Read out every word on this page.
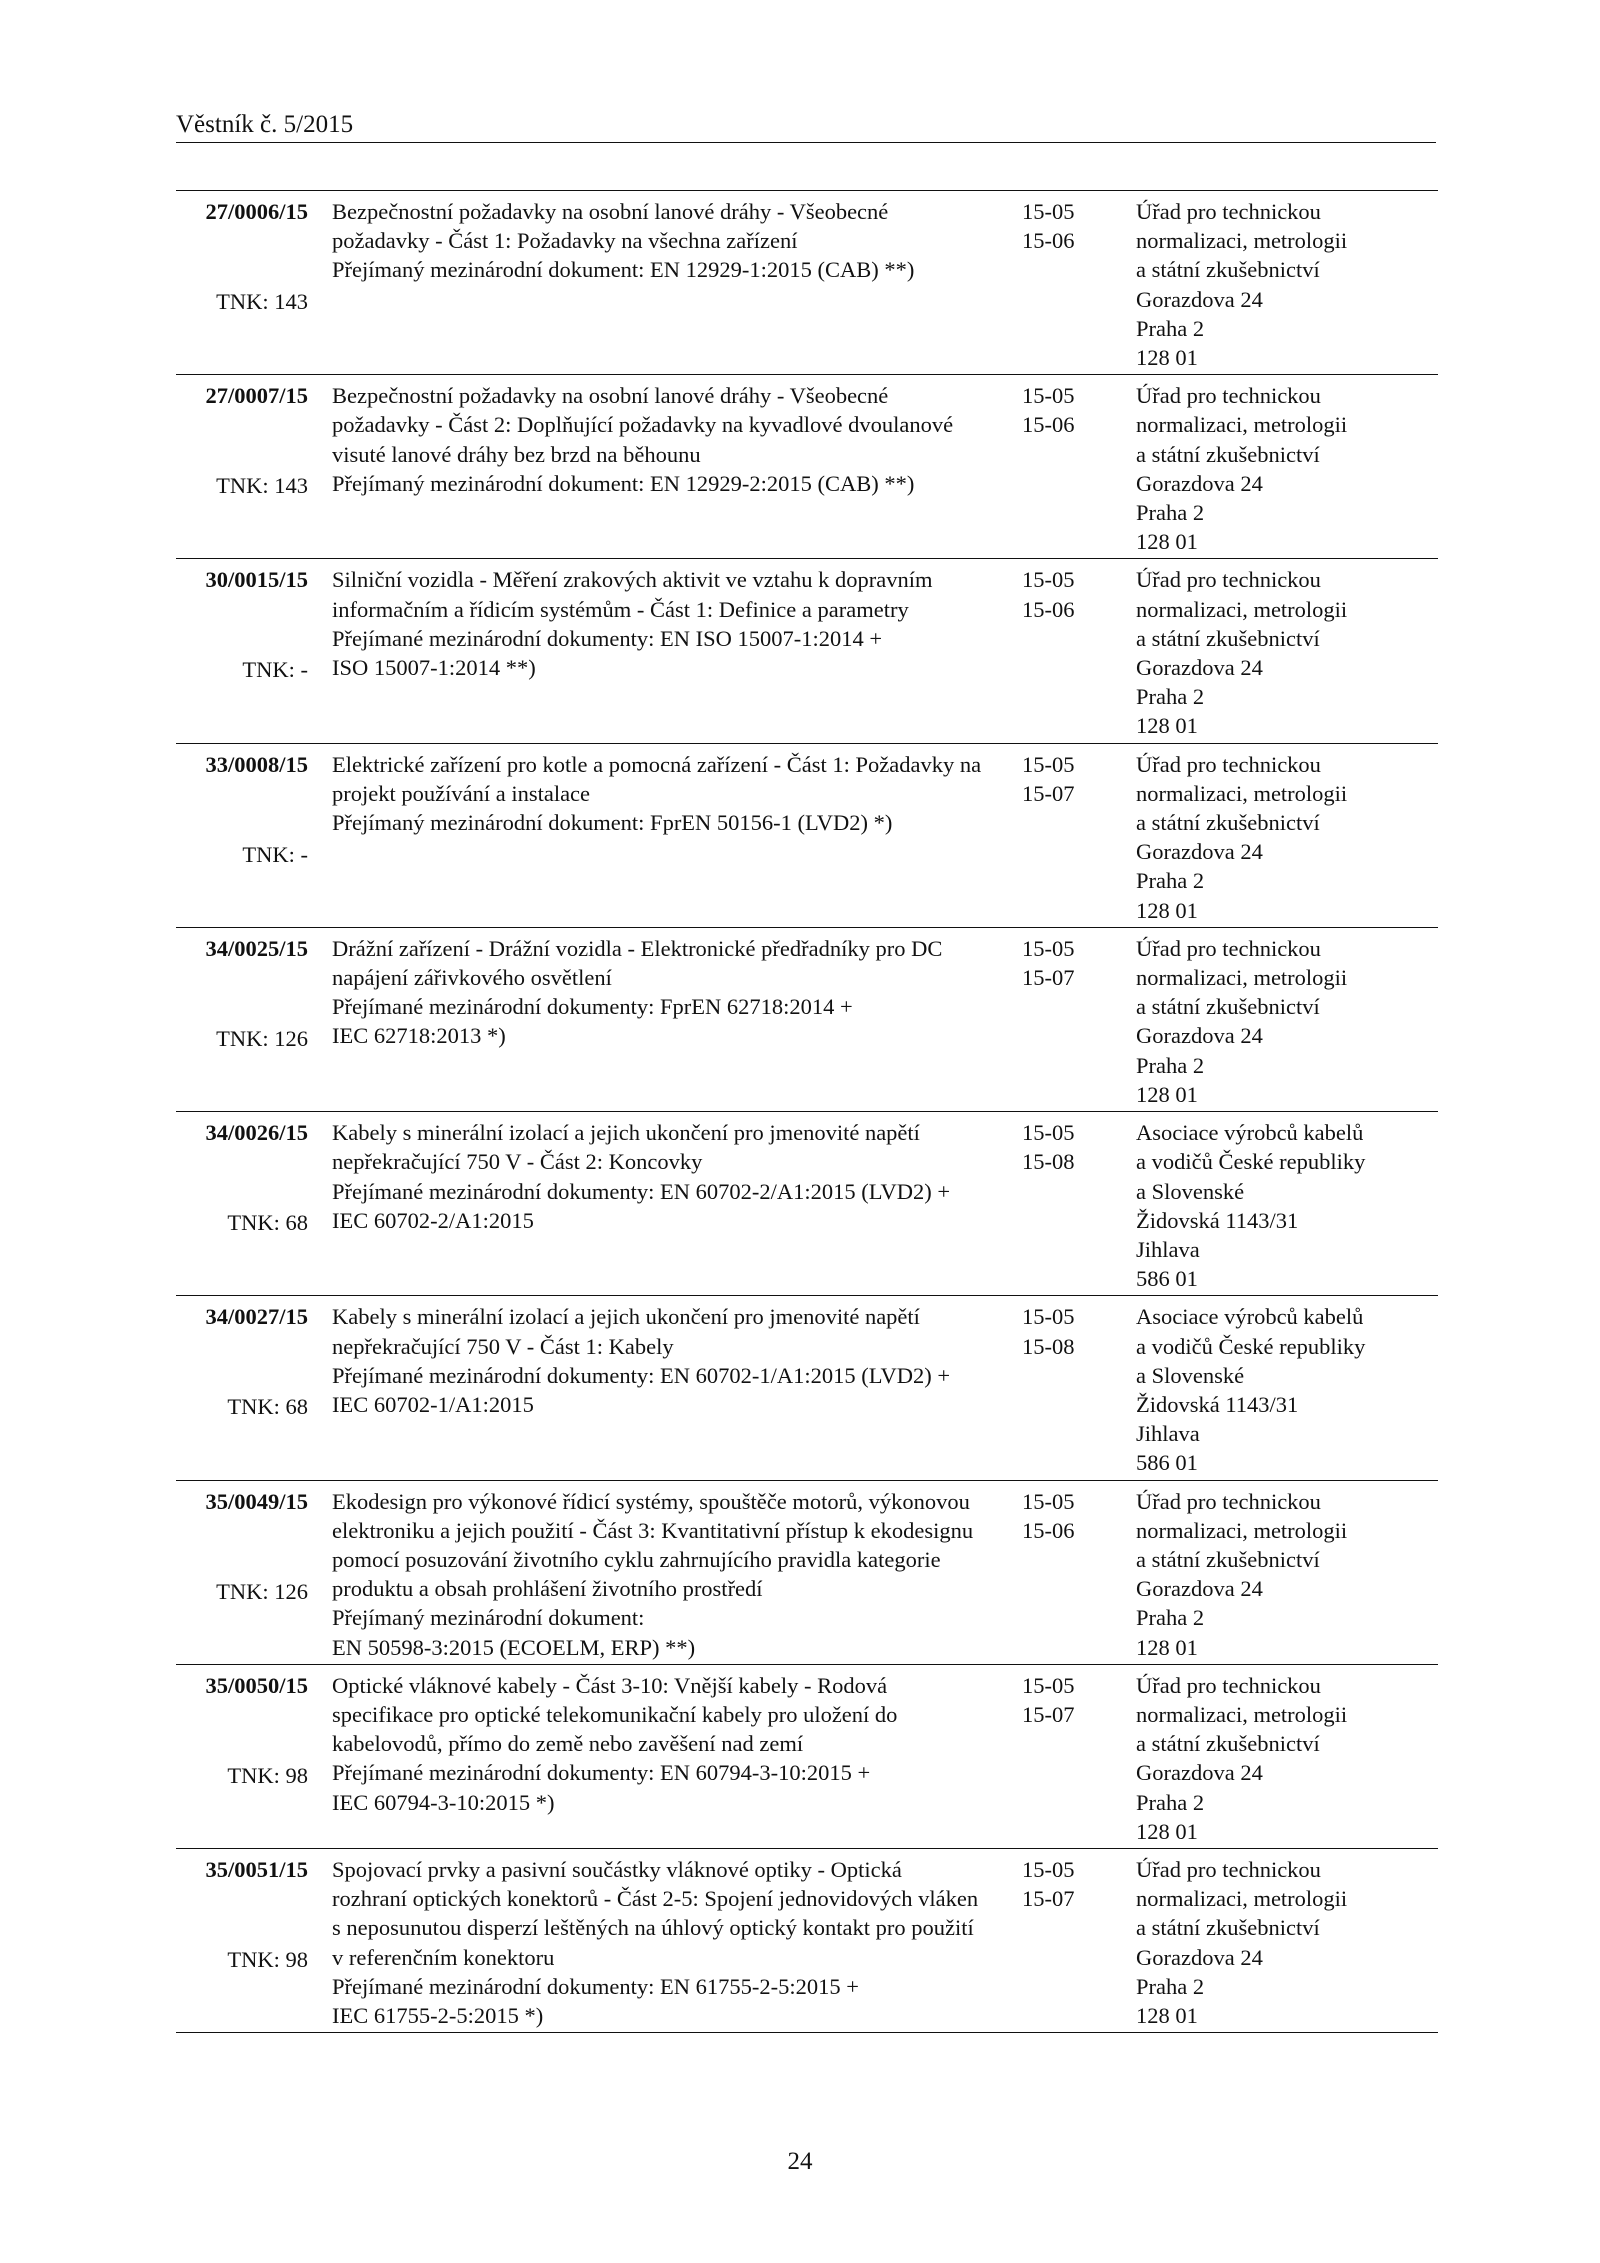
Věstník č. 5/2015
27/0006/15
TNK: 143
Bezpečnostní požadavky na osobní lanové dráhy - Všeobecné
požadavky - Část 1: Požadavky na všechna zařízení
Přejímaný mezinárodní dokument: EN 12929-1:2015 (CAB) **)
15-05
15-06
Úřad pro technickou
normalizaci, metrologii
a státní zkušebnictví
Gorazdova 24
Praha 2
128 01
27/0007/15
TNK: 143
Bezpečnostní požadavky na osobní lanové dráhy - Všeobecné
požadavky - Část 2: Doplňující požadavky na kyvadlové dvoulanové
visuté lanové dráhy bez brzd na běhounu
Přejímaný mezinárodní dokument: EN 12929-2:2015 (CAB) **)
15-05
15-06
Úřad pro technickou
normalizaci, metrologii
a státní zkušebnictví
Gorazdova 24
Praha 2
128 01
30/0015/15
TNK: -
Silniční vozidla - Měření zrakových aktivit ve vztahu k dopravním
informačním a řídicím systémům - Část 1: Definice a parametry
Přejímané mezinárodní dokumenty: EN ISO 15007-1:2014 +
ISO 15007-1:2014 **)
15-05
15-06
Úřad pro technickou
normalizaci, metrologii
a státní zkušebnictví
Gorazdova 24
Praha 2
128 01
33/0008/15
TNK: -
Elektrické zařízení pro kotle a pomocná zařízení - Část 1: Požadavky na
projekt používání a instalace
Přejímaný mezinárodní dokument: FprEN 50156-1 (LVD2) *)
15-05
15-07
Úřad pro technickou
normalizaci, metrologii
a státní zkušebnictví
Gorazdova 24
Praha 2
128 01
34/0025/15
TNK: 126
Drážní zařízení - Drážní vozidla - Elektronické předřadníky pro DC
napájení zářivkového osvětlení
Přejímané mezinárodní dokumenty: FprEN 62718:2014 +
IEC 62718:2013 *)
15-05
15-07
Úřad pro technickou
normalizaci, metrologii
a státní zkušebnictví
Gorazdova 24
Praha 2
128 01
34/0026/15
TNK: 68
Kabely s minerální izolací a jejich ukončení pro jmenovité napětí
nepřekračující 750 V - Část 2: Koncovky
Přejímané mezinárodní dokumenty: EN 60702-2/A1:2015 (LVD2) +
IEC 60702-2/A1:2015
15-05
15-08
Asociace výrobců kabelů
a vodičů České republiky
a Slovenské
Židovská 1143/31
Jihlava
586 01
34/0027/15
TNK: 68
Kabely s minerální izolací a jejich ukončení pro jmenovité napětí
nepřekračující 750 V - Část 1: Kabely
Přejímané mezinárodní dokumenty: EN 60702-1/A1:2015 (LVD2) +
IEC 60702-1/A1:2015
15-05
15-08
Asociace výrobců kabelů
a vodičů České republiky
a Slovenské
Židovská 1143/31
Jihlava
586 01
35/0049/15
TNK: 126
Ekodesign pro výkonové řídicí systémy, spouštěče motorů, výkonovou
elektroniku a jejich použití - Část 3: Kvantitativní přístup k ekodesignu
pomocí posuzování životního cyklu zahrnujícího pravidla kategorie
produktu a obsah prohlášení životního prostředí
Přejímaný mezinárodní dokument:
EN 50598-3:2015 (ECOELM, ERP) **)
15-05
15-06
Úřad pro technickou
normalizaci, metrologii
a státní zkušebnictví
Gorazdova 24
Praha 2
128 01
35/0050/15
TNK: 98
Optické vláknové kabely - Část 3-10: Vnější kabely - Rodová
specifikace pro optické telekomunikační kabely pro uložení do
kabelovodů, přímo do země nebo zavěšení nad zemí
Přejímané mezinárodní dokumenty: EN 60794-3-10:2015 +
IEC 60794-3-10:2015 *)
15-05
15-07
Úřad pro technickou
normalizaci, metrologii
a státní zkušebnictví
Gorazdova 24
Praha 2
128 01
35/0051/15
TNK: 98
Spojovací prvky a pasivní součástky vláknové optiky - Optická
rozhraní optických konektorů - Část 2-5: Spojení jednovidových vláken
s neposunutou disperzí leštěných na úhlový optický kontakt pro použití
v referenčním konektoru
Přejímané mezinárodní dokumenty: EN 61755-2-5:2015 +
IEC 61755-2-5:2015 *)
15-05
15-07
Úřad pro technickou
normalizaci, metrologii
a státní zkušebnictví
Gorazdova 24
Praha 2
128 01
24
